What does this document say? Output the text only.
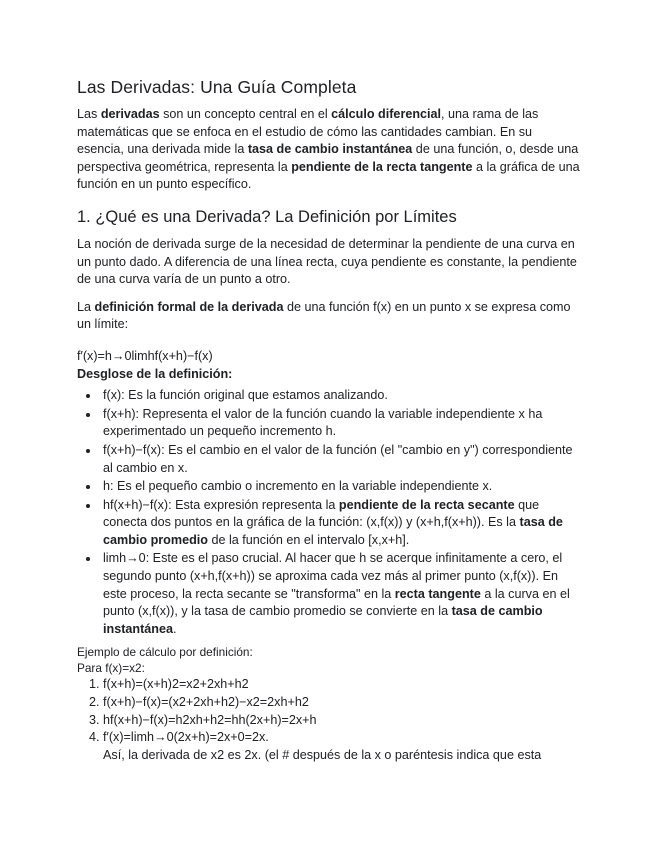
Las Derivadas: Una Guía Completa

Las derivadas son un concepto central en el cálculo diferencial, una rama de las matemáticas que se enfoca en el estudio de cómo las cantidades cambian. En su esencia, una derivada mide la tasa de cambio instantánea de una función, o, desde una perspectiva geométrica, representa la pendiente de la recta tangente a la gráfica de una función en un punto específico.

1. ¿Qué es una Derivada? La Definición por Límites

La noción de derivada surge de la necesidad de determinar la pendiente de una curva en un punto dado. A diferencia de una línea recta, cuya pendiente es constante, la pendiente de una curva varía de un punto a otro.

La definición formal de la derivada de una función f(x) en un punto x se expresa como un límite:

f′(x)=h→0limhf(x+h)−f(x)
Desglose de la definición:
f(x): Es la función original que estamos analizando.
f(x+h): Representa el valor de la función cuando la variable independiente x ha experimentado un pequeño incremento h.
f(x+h)−f(x): Es el cambio en el valor de la función (el "cambio en y") correspondiente al cambio en x.
h: Es el pequeño cambio o incremento en la variable independiente x.
hf(x+h)−f(x): Esta expresión representa la pendiente de la recta secante que conecta dos puntos en la gráfica de la función: (x,f(x)) y (x+h,f(x+h)). Es la tasa de cambio promedio de la función en el intervalo [x,x+h].
limh→0: Este es el paso crucial. Al hacer que h se acerque infinitamente a cero, el segundo punto (x+h,f(x+h)) se aproxima cada vez más al primer punto (x,f(x)). En este proceso, la recta secante se "transforma" en la recta tangente a la curva en el punto (x,f(x)), y la tasa de cambio promedio se convierte en la tasa de cambio instantánea.
Ejemplo de cálculo por definición:
Para f(x)=x2:
1. f(x+h)=(x+h)2=x2+2xh+h2
2. f(x+h)−f(x)=(x2+2xh+h2)−x2=2xh+h2
3. hf(x+h)−f(x)=h2xh+h2=hh(2x+h)=2x+h
4. f′(x)=limh→0(2x+h)=2x+0=2x.
Así, la derivada de x2 es 2x. (el # después de la x o paréntesis indica que esta
